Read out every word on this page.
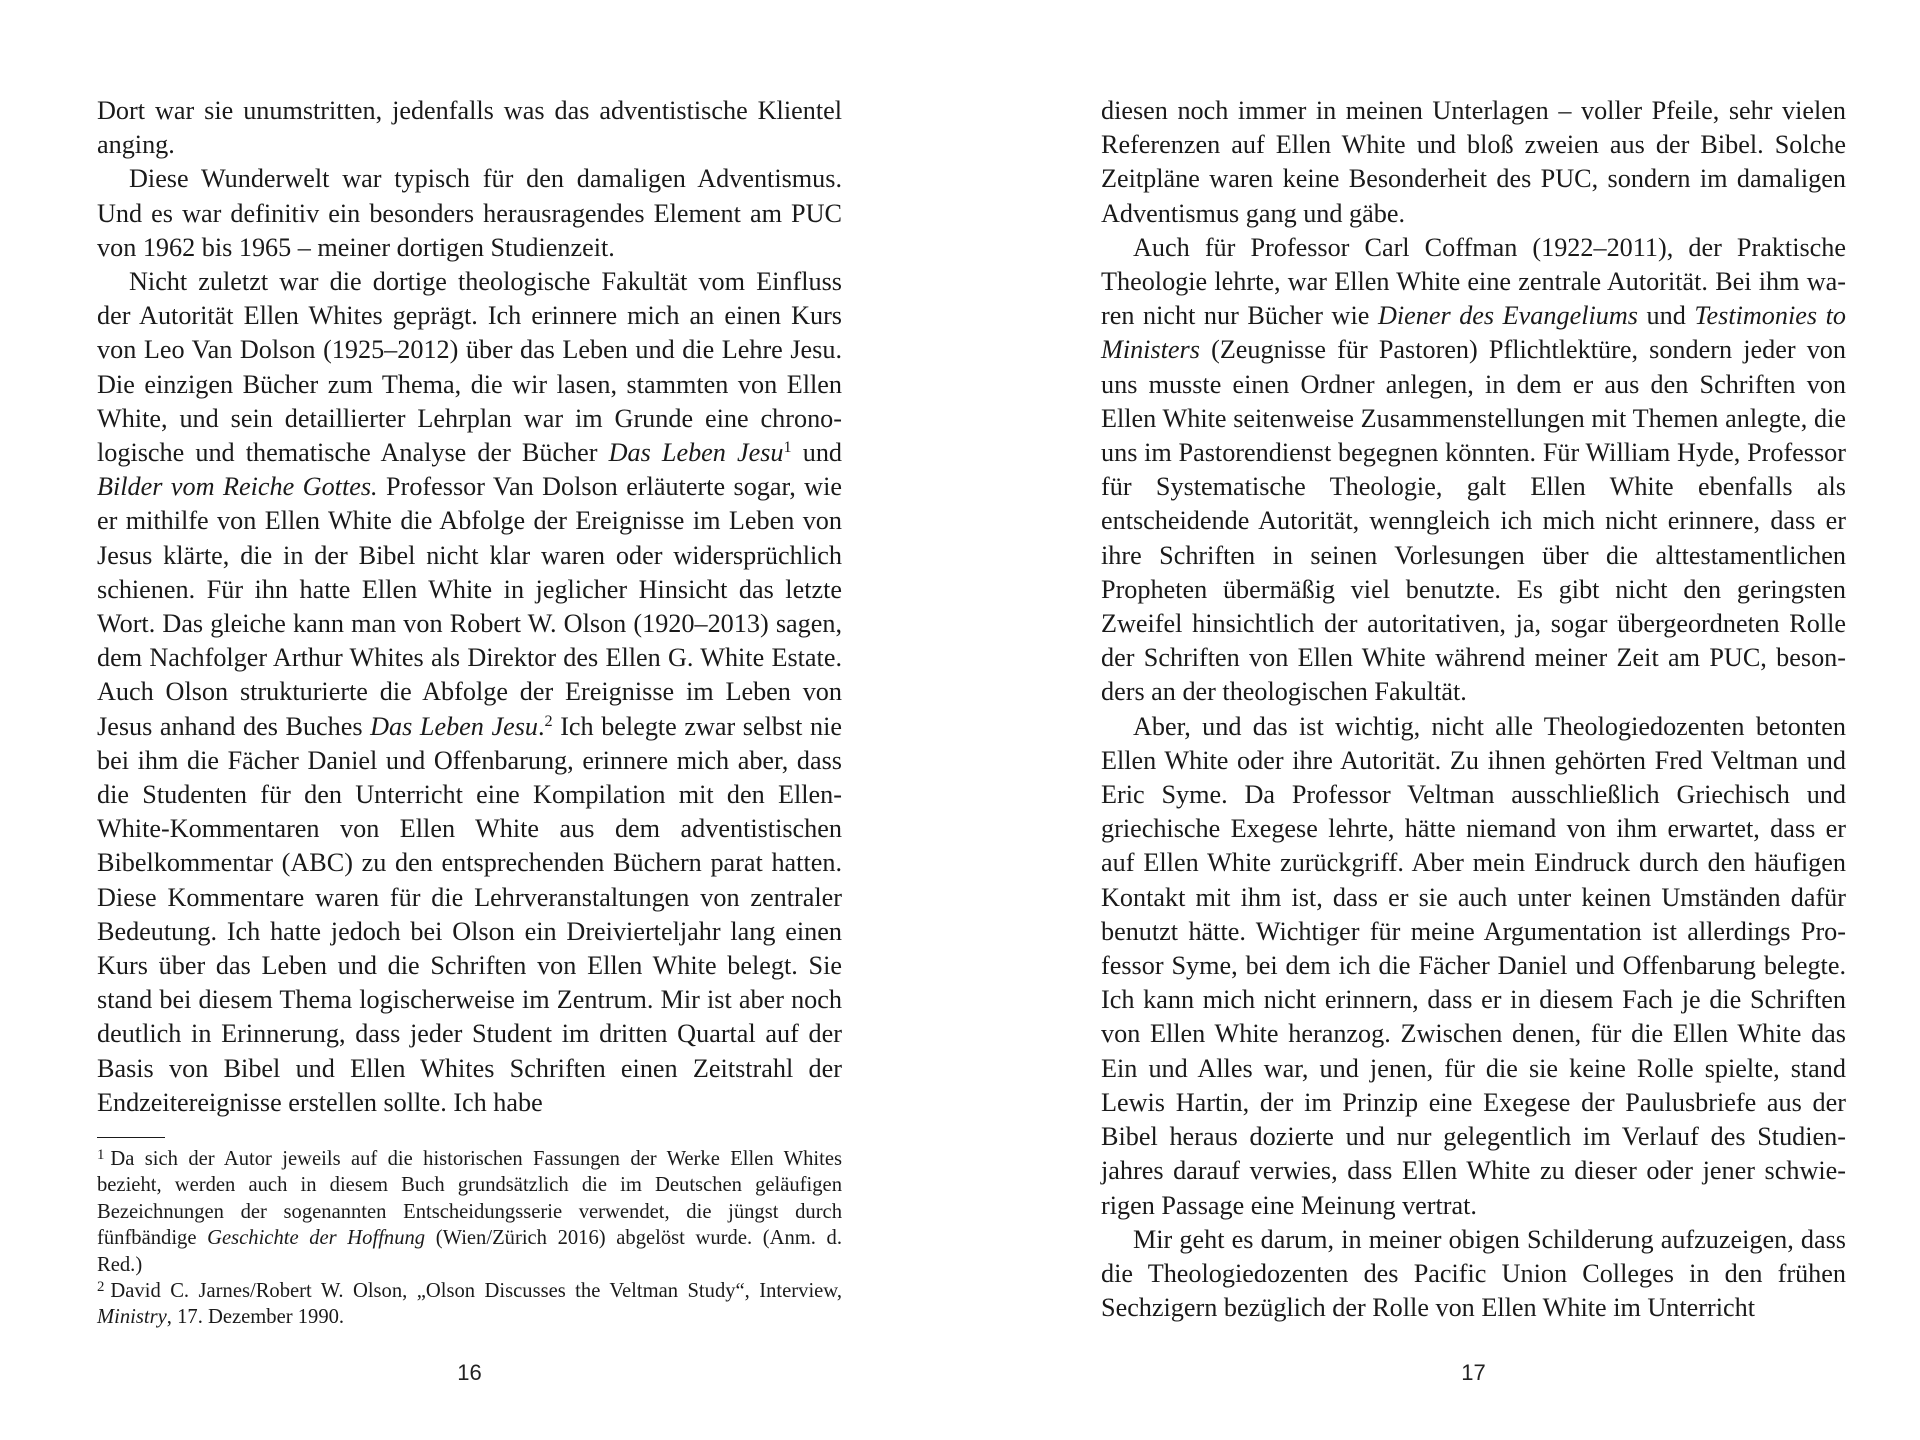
Dort war sie unumstritten, jedenfalls was das adventistische Klientel anging.

Diese Wunderwelt war typisch für den damaligen Adventismus. Und es war definitiv ein besonders herausragendes Element am PUC von 1962 bis 1965 – meiner dortigen Studienzeit.

Nicht zuletzt war die dortige theologische Fakultät vom Einfluss der Autorität Ellen Whites geprägt. Ich erinnere mich an einen Kurs von Leo Van Dolson (1925–2012) über das Leben und die Lehre Jesu. Die einzigen Bücher zum Thema, die wir lasen, stammten von Ellen White, und sein detaillierter Lehrplan war im Grunde eine chronologische und thematische Analyse der Bücher Das Leben Jesu$^1$ und Bilder vom Reiche Gottes. Professor Van Dolson erläuterte sogar, wie er mithilfe von Ellen White die Abfolge der Ereignisse im Leben von Jesus klärte, die in der Bibel nicht klar waren oder widersprüchlich schienen. Für ihn hatte Ellen White in jeglicher Hinsicht das letzte Wort. Das gleiche kann man von Robert W. Olson (1920–2013) sagen, dem Nachfolger Arthur Whites als Direktor des Ellen G. White Estate. Auch Olson strukturierte die Abfolge der Ereignisse im Leben von Jesus anhand des Buches Das Leben Jesu.$^2$ Ich belegte zwar selbst nie bei ihm die Fächer Daniel und Offenbarung, erinnere mich aber, dass die Studenten für den Unterricht eine Kompilation mit den Ellen-White-Kommentaren von Ellen White aus dem adventistischen Bibelkommentar (ABC) zu den entsprechenden Büchern parat hatten. Diese Kommentare waren für die Lehrveranstaltungen von zentraler Bedeutung. Ich hatte jedoch bei Olson ein Dreivierteljahr lang einen Kurs über das Leben und die Schriften von Ellen White belegt. Sie stand bei diesem Thema logischerweise im Zentrum. Mir ist aber noch deutlich in Erinnerung, dass jeder Student im dritten Quartal auf der Basis von Bibel und Ellen Whites Schriften einen Zeitstrahl der Endzeitereignisse erstellen sollte. Ich habe

$^1$ Da sich der Autor jeweils auf die historischen Fassungen der Werke Ellen Whites bezieht, werden auch in diesem Buch grundsätzlich die im Deutschen geläufigen Bezeichnungen der sogenannten Entscheidungsserie verwendet, die jüngst durch fünfbändige Geschichte der Hoffnung (Wien/Zürich 2016) abgelöst wurde. (Anm. d. Red.)

$^2$ David C. Jarnes/Robert W. Olson, „Olson Discusses the Veltman Study“, Interview, Ministry, 17. Dezember 1990.

16

diesen noch immer in meinen Unterlagen – voller Pfeile, sehr vielen Referenzen auf Ellen White und bloß zweien aus der Bibel. Solche Zeitpläne waren keine Besonderheit des PUC, sondern im damaligen Adventismus gang und gäbe.

Auch für Professor Carl Coffman (1922–2011), der Praktische Theologie lehrte, war Ellen White eine zentrale Autorität. Bei ihm waren nicht nur Bücher wie Diener des Evangeliums und Testimonies to Ministers (Zeugnisse für Pastoren) Pflichtlektüre, sondern jeder von uns musste einen Ordner anlegen, in dem er aus den Schriften von Ellen White seitenweise Zusammenstellungen mit Themen anlegte, die uns im Pastorendienst begegnen könnten. Für William Hyde, Professor für Systematische Theologie, galt Ellen White ebenfalls als entscheidende Autorität, wenngleich ich mich nicht erinnere, dass er ihre Schriften in seinen Vorlesungen über die alttestamentlichen Propheten übermäßig viel benutzte. Es gibt nicht den geringsten Zweifel hinsichtlich der autoritativen, ja, sogar übergeordneten Rolle der Schriften von Ellen White während meiner Zeit am PUC, besonders an der theologischen Fakultät.

Aber, und das ist wichtig, nicht alle Theologiedozenten betonten Ellen White oder ihre Autorität. Zu ihnen gehörten Fred Veltman und Eric Syme. Da Professor Veltman ausschließlich Griechisch und griechische Exegese lehrte, hätte niemand von ihm erwartet, dass er auf Ellen White zurückgriff. Aber mein Eindruck durch den häufigen Kontakt mit ihm ist, dass er sie auch unter keinen Umständen dafür benutzt hätte. Wichtiger für meine Argumentation ist allerdings Professor Syme, bei dem ich die Fächer Daniel und Offenbarung belegte. Ich kann mich nicht erinnern, dass er in diesem Fach je die Schriften von Ellen White heranzog. Zwischen denen, für die Ellen White das Ein und Alles war, und jenen, für die sie keine Rolle spielte, stand Lewis Hartin, der im Prinzip eine Exegese der Paulusbriefe aus der Bibel heraus dozierte und nur gelegentlich im Verlauf des Studienjahres darauf verwies, dass Ellen White zu dieser oder jener schwierigen Passage eine Meinung vertrat.

Mir geht es darum, in meiner obigen Schilderung aufzuzeigen, dass die Theologiedozenten des Pacific Union Colleges in den frühen Sechzigern bezüglich der Rolle von Ellen White im Unterricht

17
